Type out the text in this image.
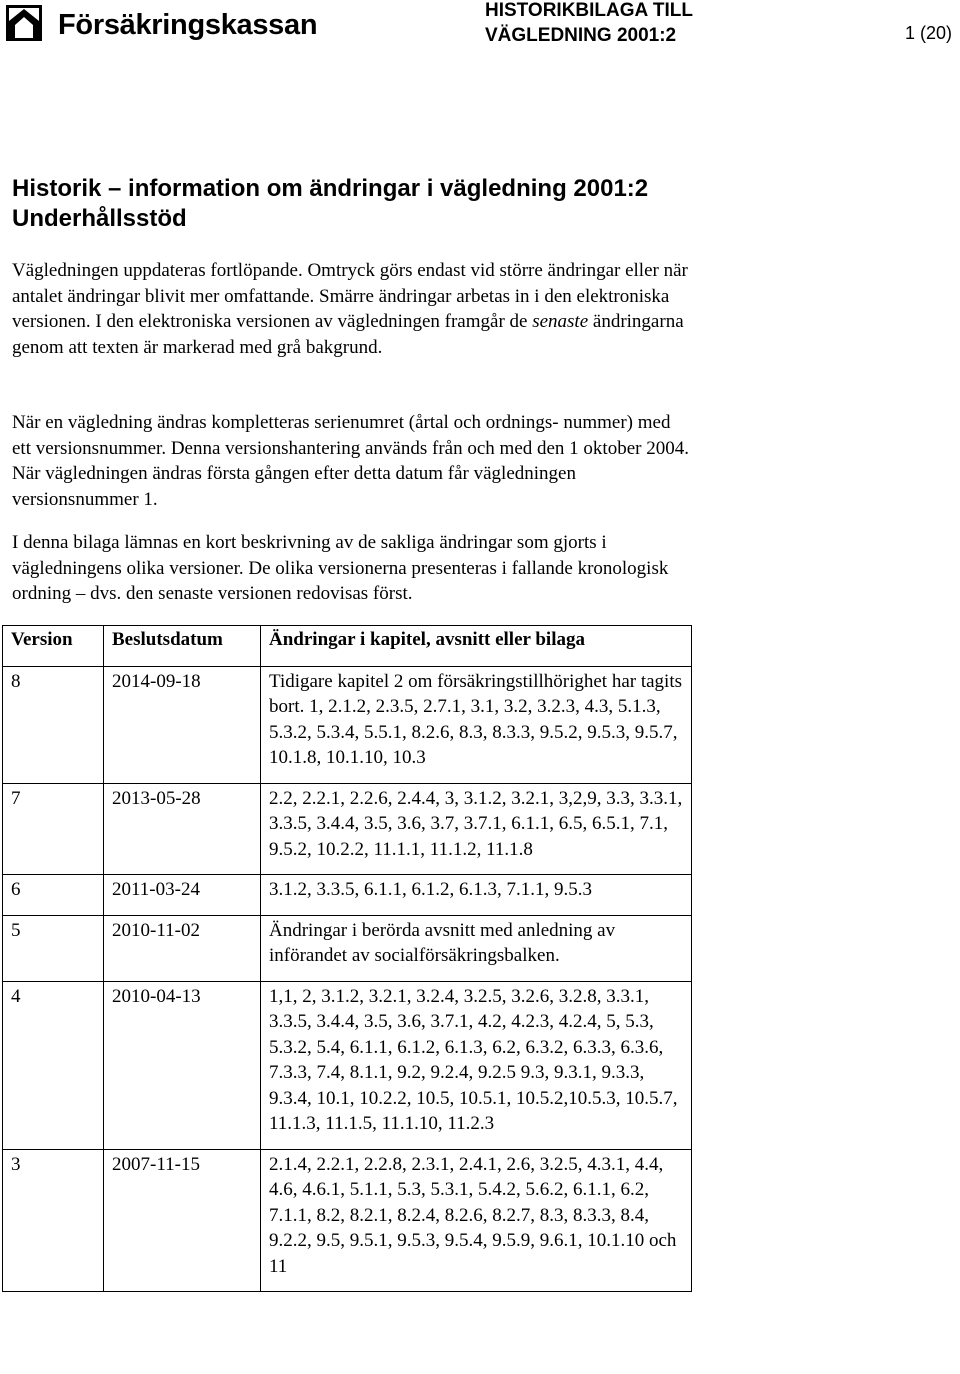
Försäkringskassan	HISTORIKBILAGA TILL
VÄGLEDNING 2001:2	1 (20)
Historik – information om ändringar i vägledning 2001:2 Underhållsstöd

Vägledningen uppdateras fortlöpande. Omtryck görs endast vid större ändringar eller när antalet ändringar blivit mer omfattande. Smärre ändringar arbetas in i den elektroniska versionen. I den elektroniska versionen av vägledningen framgår de senaste ändringarna genom att texten är markerad med grå bakgrund.

När en vägledning ändras kompletteras serienumret (årtal och ordnings- nummer) med ett versionsnummer. Denna versionshantering används från och med den 1 oktober 2004. När vägledningen ändras första gången efter detta datum får vägledningen versionsnummer 1.

I denna bilaga lämnas en kort beskrivning av de sakliga ändringar som gjorts i vägledningens olika versioner. De olika versionerna presenteras i fallande kronologisk ordning – dvs. den senaste versionen redovisas först.

Version	Beslutsdatum	Ändringar i kapitel, avsnitt eller bilaga
8	2014-09-18	Tidigare kapitel 2 om försäkringstillhörighet har tagits bort. 1, 2.1.2, 2.3.5, 2.7.1, 3.1, 3.2, 3.2.3, 4.3, 5.1.3, 5.3.2, 5.3.4, 5.5.1, 8.2.6, 8.3, 8.3.3, 9.5.2, 9.5.3, 9.5.7, 10.1.8, 10.1.10, 10.3
7	2013-05-28	2.2, 2.2.1, 2.2.6, 2.4.4, 3, 3.1.2, 3.2.1, 3,2,9, 3.3, 3.3.1, 3.3.5, 3.4.4, 3.5, 3.6, 3.7, 3.7.1, 6.1.1, 6.5, 6.5.1, 7.1, 9.5.2, 10.2.2, 11.1.1, 11.1.2, 11.1.8
6	2011-03-24	3.1.2, 3.3.5, 6.1.1, 6.1.2, 6.1.3, 7.1.1, 9.5.3
5	2010-11-02	Ändringar i berörda avsnitt med anledning av införandet av socialförsäkringsbalken.
4	2010-04-13	1,1, 2, 3.1.2, 3.2.1, 3.2.4, 3.2.5, 3.2.6, 3.2.8, 3.3.1, 3.3.5, 3.4.4, 3.5, 3.6, 3.7.1, 4.2, 4.2.3, 4.2.4, 5, 5.3, 5.3.2, 5.4, 6.1.1, 6.1.2, 6.1.3, 6.2, 6.3.2, 6.3.3, 6.3.6, 7.3.3, 7.4, 8.1.1, 9.2, 9.2.4, 9.2.5 9.3, 9.3.1, 9.3.3, 9.3.4, 10.1, 10.2.2, 10.5, 10.5.1, 10.5.2,10.5.3, 10.5.7, 11.1.3, 11.1.5, 11.1.10, 11.2.3
3	2007-11-15	2.1.4, 2.2.1, 2.2.8, 2.3.1, 2.4.1, 2.6, 3.2.5, 4.3.1, 4.4, 4.6, 4.6.1, 5.1.1, 5.3, 5.3.1, 5.4.2, 5.6.2, 6.1.1, 6.2, 7.1.1, 8.2, 8.2.1, 8.2.4, 8.2.6, 8.2.7, 8.3, 8.3.3, 8.4, 9.2.2, 9.5, 9.5.1, 9.5.3, 9.5.4, 9.5.9, 9.6.1, 10.1.10 och 11
